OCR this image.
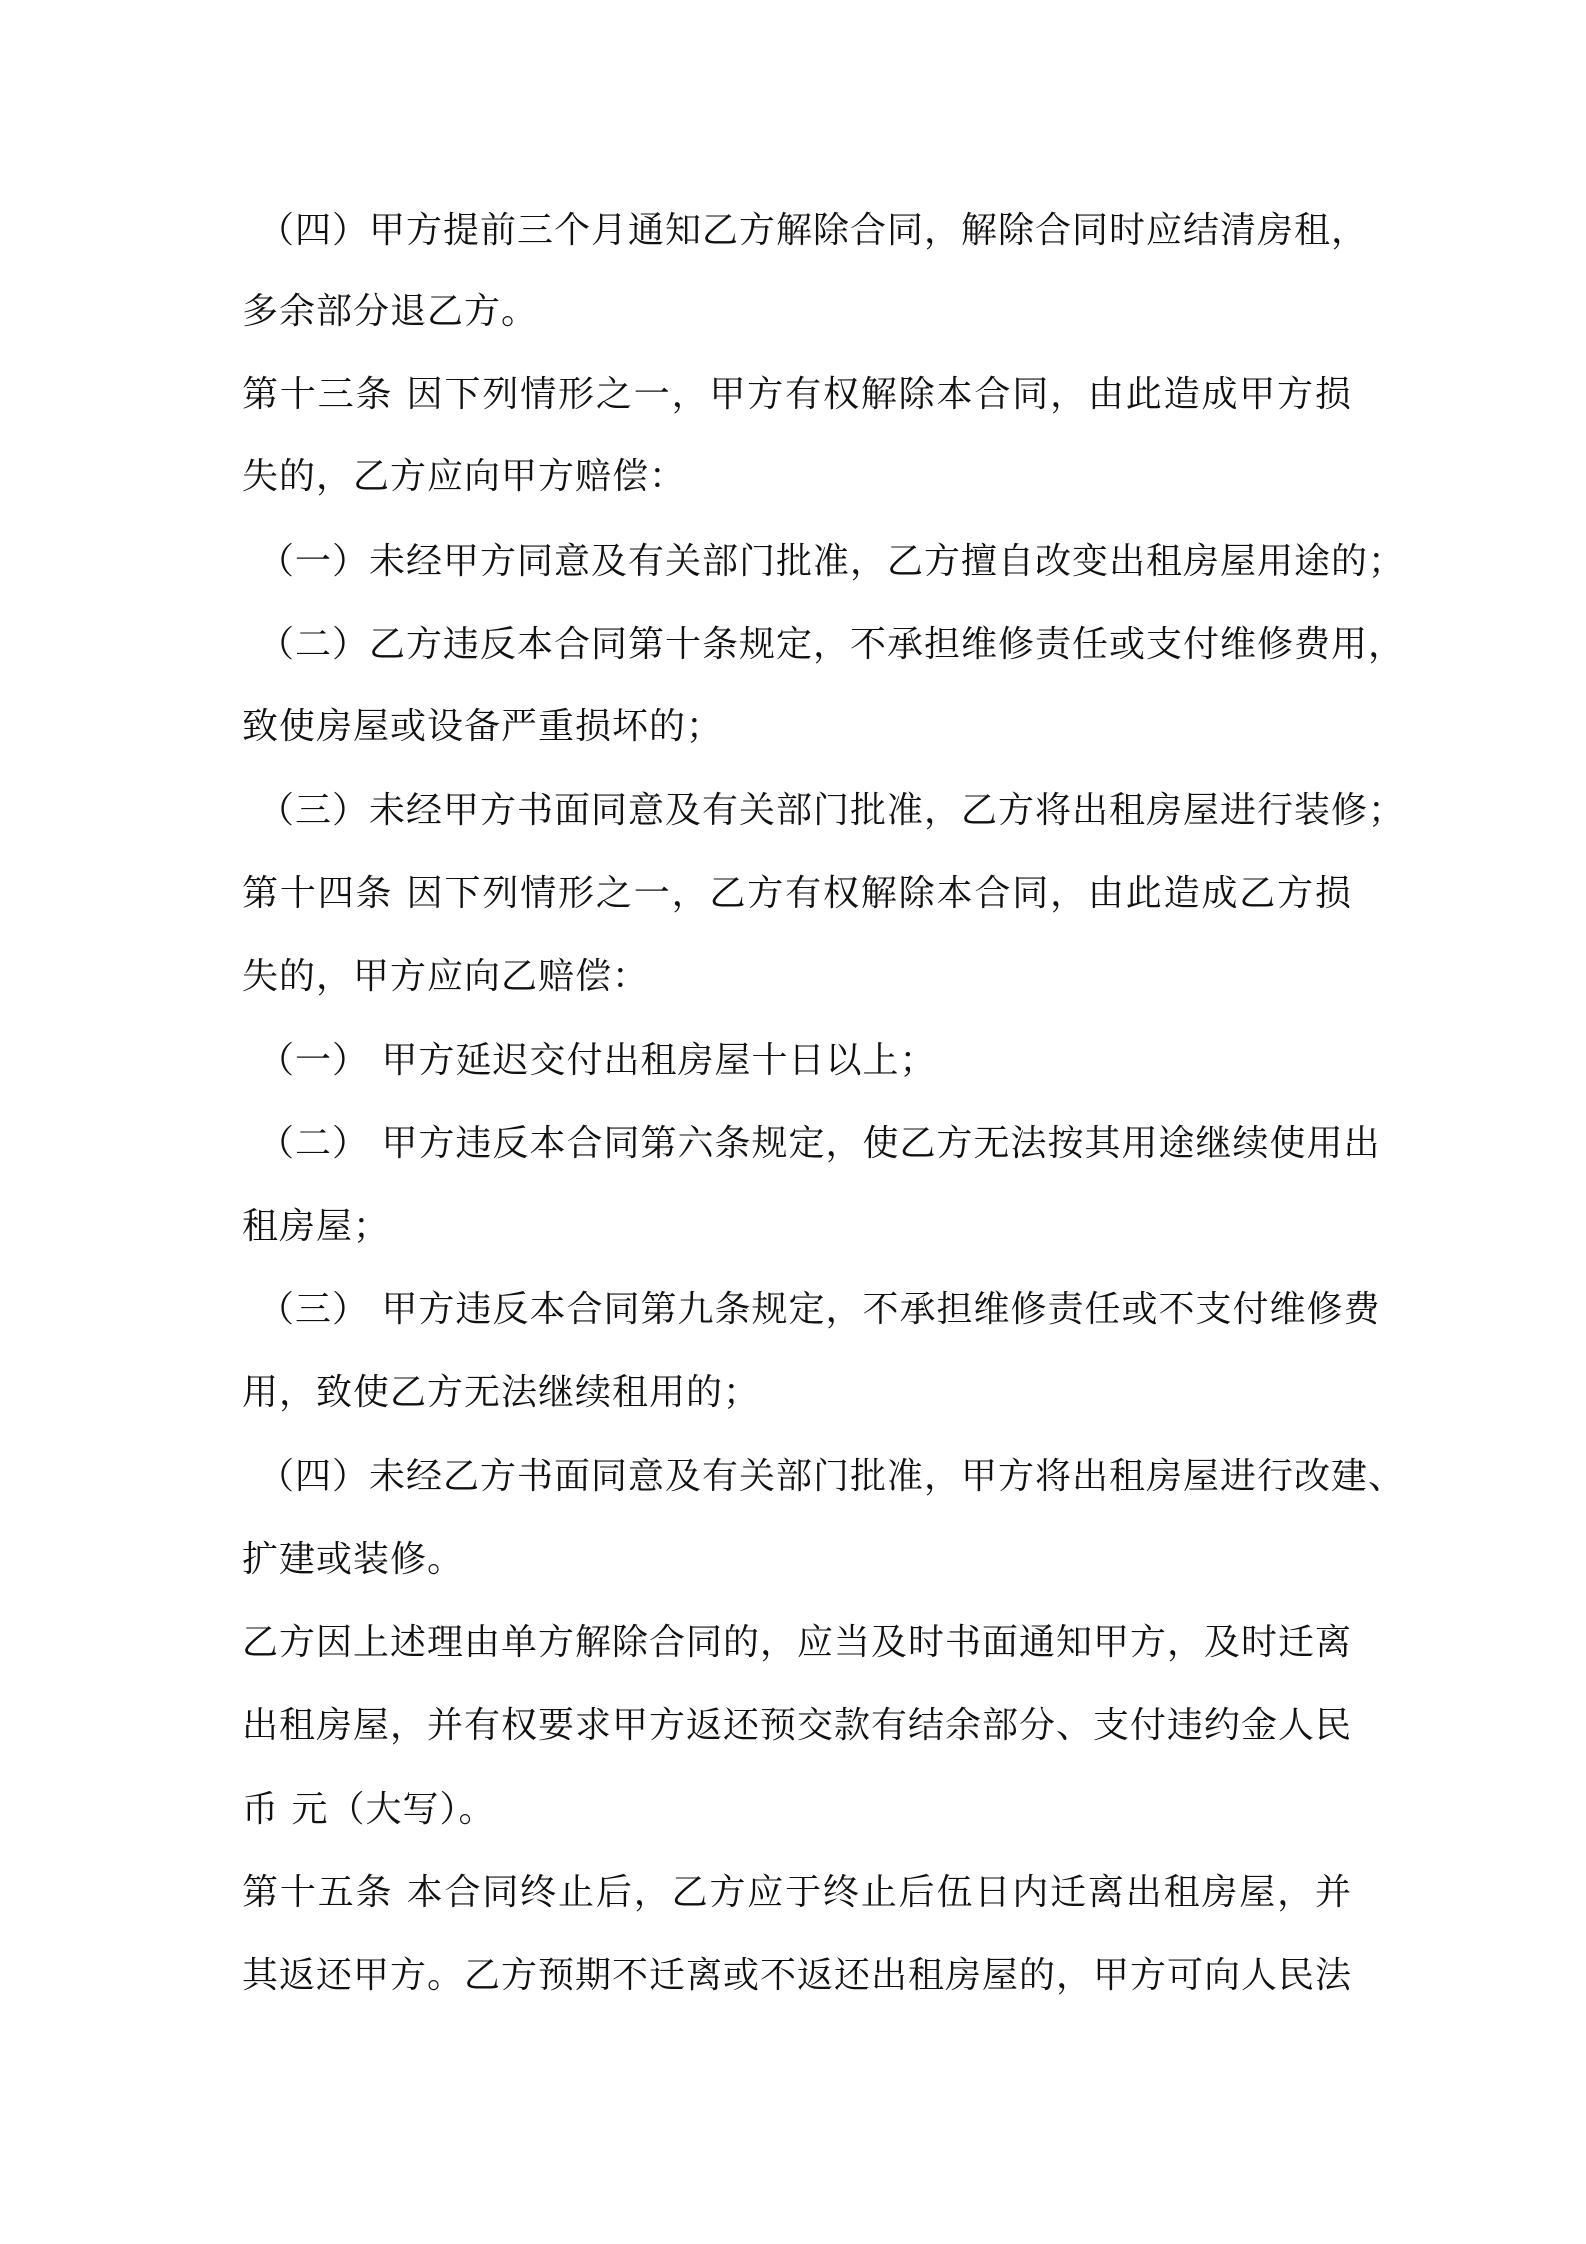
（四）甲方提前三个月通知乙方解除合同，解除合同时应结清房租，
多余部分退乙方。
第十三条 因下列情形之一，甲方有权解除本合同，由此造成甲方损
失的，乙方应向甲方赔偿：
（一）未经甲方同意及有关部门批准，乙方擅自改变出租房屋用途的；
（二）乙方违反本合同第十条规定，不承担维修责任或支付维修费用，
致使房屋或设备严重损坏的；
（三）未经甲方书面同意及有关部门批准，乙方将出租房屋进行装修；
第十四条 因下列情形之一，乙方有权解除本合同，由此造成乙方损
失的，甲方应向乙赔偿：
（一） 甲方延迟交付出租房屋十日以上；
（二） 甲方违反本合同第六条规定，使乙方无法按其用途继续使用出
租房屋；
（三） 甲方违反本合同第九条规定，不承担维修责任或不支付维修费
用，致使乙方无法继续租用的；
（四）未经乙方书面同意及有关部门批准，甲方将出租房屋进行改建、
扩建或装修。
乙方因上述理由单方解除合同的，应当及时书面通知甲方，及时迁离
出租房屋，并有权要求甲方返还预交款有结余部分、支付违约金人民
币 元（大写）。
第十五条 本合同终止后，乙方应于终止后伍日内迁离出租房屋，并
其返还甲方。乙方预期不迁离或不返还出租房屋的，甲方可向人民法
